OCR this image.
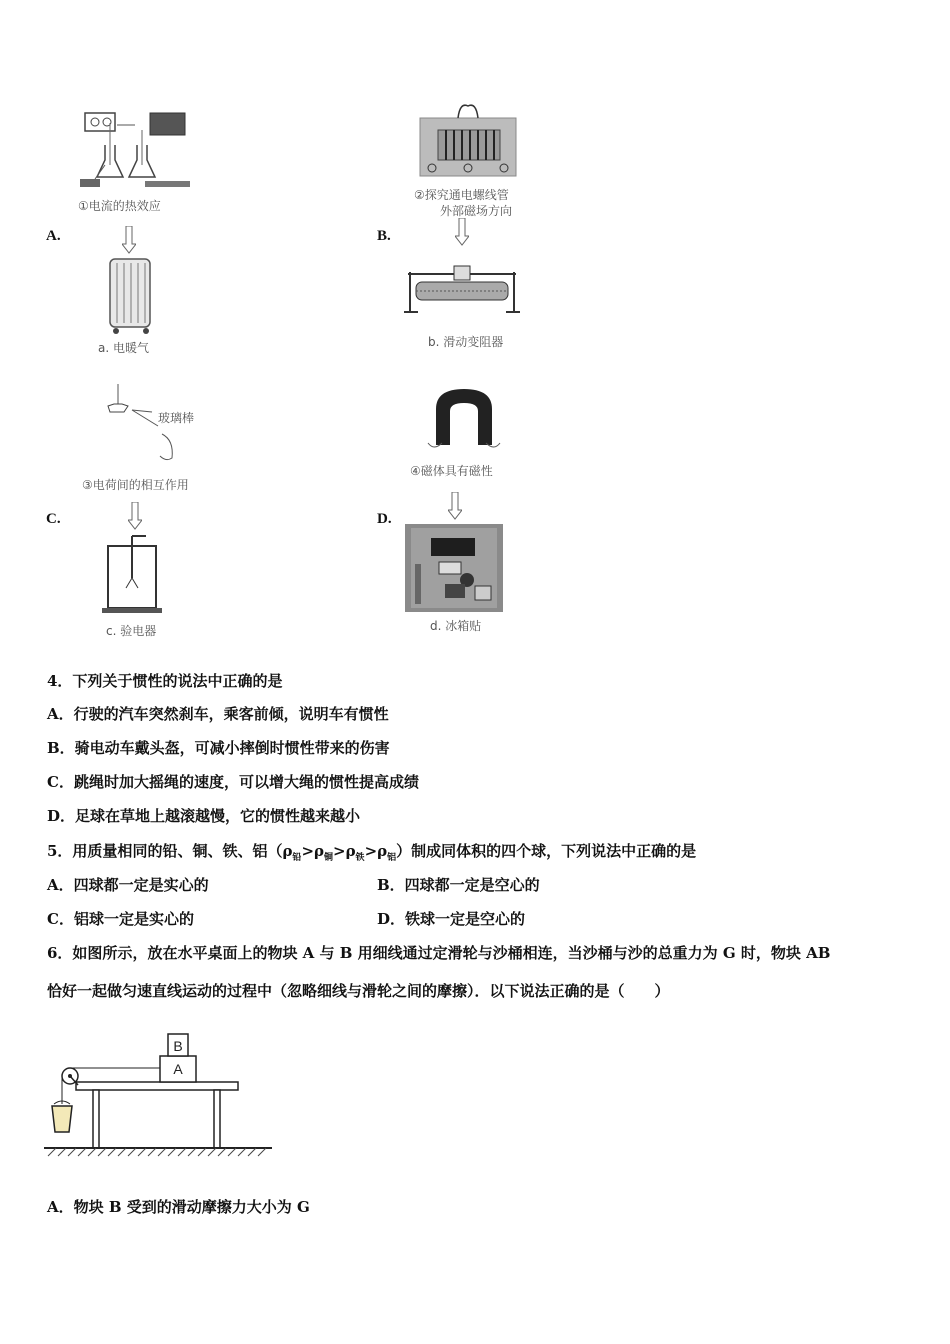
A.	B.
C.	D.
①电流的热效应
a. 电暖气
②探究通电螺线管
外部磁场方向
b. 滑动变阻器
玻璃棒
③电荷间的相互作用
c. 验电器
④磁体具有磁性
d. 冰箱贴
4．下列关于惯性的说法中正确的是
A．行驶的汽车突然刹车，乘客前倾，说明车有惯性
B．骑电动车戴头盔，可减小摔倒时惯性带来的伤害
C．跳绳时加大摇绳的速度，可以增大绳的惯性提高成绩
D．足球在草地上越滚越慢，它的惯性越来越小
5．用质量相同的铅、铜、铁、铝$(\rho_铅>\rho_铜>\rho_铁>\rho_铝)$制成同体积的四个球，下列说法中正确的是
A．四球都一定是实心的	B．四球都一定是空心的
C．铝球一定是实心的	D．铁球一定是空心的
6．如图所示，放在水平桌面上的物块 A 与 B 用细线通过定滑轮与沙桶相连，当沙桶与沙的总重力为 G 时，物块 AB
恰好一起做匀速直线运动的过程中（忽略细线与滑轮之间的摩擦）．以下说法正确的是（　　）
B
A
A．物块 B 受到的滑动摩擦力大小为 G
